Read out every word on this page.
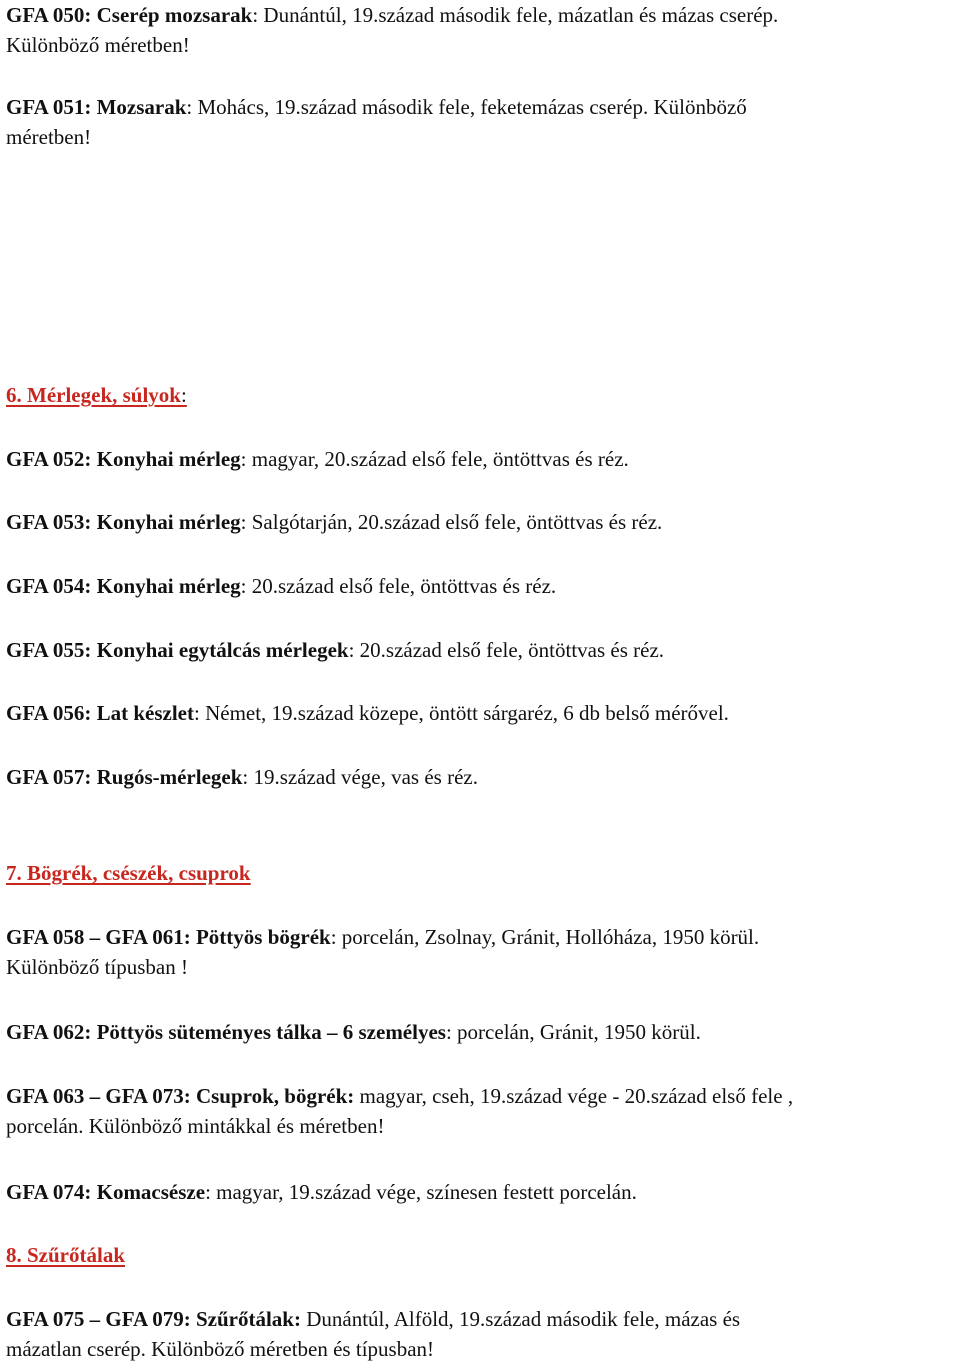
GFA 050: Cserép mozsarak: Dunántúl, 19.század második fele, mázatlan és mázas cserép.
Különböző méretben!
GFA 051: Mozsarak: Mohács, 19.század második fele, feketemázas cserép. Különböző
méretben!
6. Mérlegek, súlyok:
GFA 052: Konyhai mérleg: magyar, 20.század első fele, öntöttvas és réz.
GFA 053: Konyhai mérleg: Salgótarján, 20.század első fele, öntöttvas és réz.
GFA 054: Konyhai mérleg: 20.század első fele, öntöttvas és réz.
GFA 055: Konyhai egytálcás mérlegek: 20.század első fele, öntöttvas és réz.
GFA 056: Lat készlet: Német, 19.század közepe, öntött sárgaréz, 6 db belső mérővel.
GFA 057: Rugós-mérlegek: 19.század vége, vas és réz.
7. Bögrék, csészék, csuprok
GFA 058 – GFA 061: Pöttyös bögrék: porcelán, Zsolnay, Gránit, Hollóháza, 1950 körül.
Különböző típusban !
GFA 062: Pöttyös süteményes tálka – 6 személyes: porcelán, Gránit, 1950 körül.
GFA 063 – GFA 073: Csuprok, bögrék: magyar, cseh, 19.század vége - 20.század első fele ,
porcelán. Különböző mintákkal és méretben!
GFA 074: Komacsésze: magyar, 19.század vége, színesen festett porcelán.
8. Szűrőtálak
GFA 075 – GFA 079: Szűrőtálak: Dunántúl, Alföld, 19.század második fele, mázas és
mázatlan cserép. Különböző méretben és típusban!
